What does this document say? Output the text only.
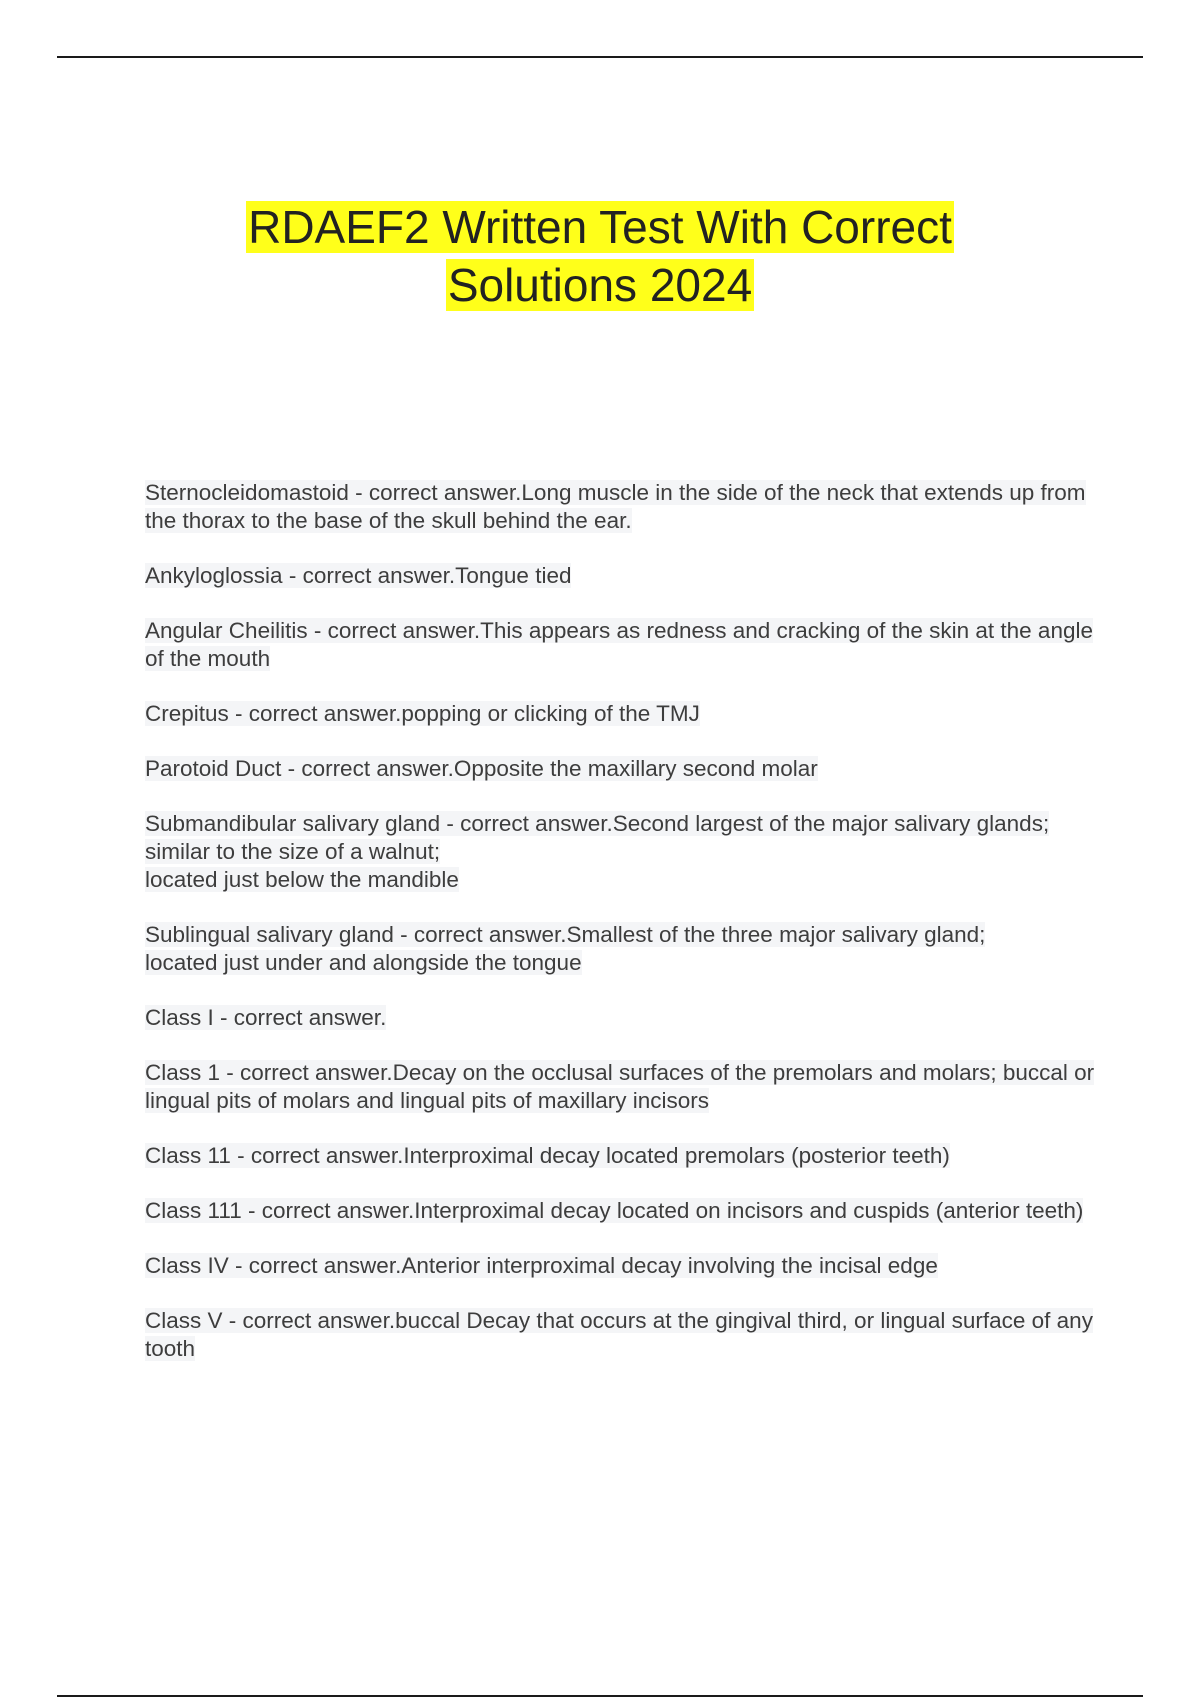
RDAEF2 Written Test With Correct
Solutions 2024
Sternocleidomastoid - correct answer.Long muscle in the side of the neck that extends up from the thorax to the base of the skull behind the ear.
Ankyloglossia - correct answer.Tongue tied
Angular Cheilitis - correct answer.This appears as redness and cracking of the skin at the angle of the mouth
Crepitus - correct answer.popping or clicking of the TMJ
Parotoid Duct - correct answer.Opposite the maxillary second molar
Submandibular salivary gland - correct answer.Second largest of the major salivary glands;
similar to the size of a walnut;
located just below the mandible
Sublingual salivary gland - correct answer.Smallest of the three major salivary gland;
located just under and alongside the tongue
Class I - correct answer.
Class 1 - correct answer.Decay on the occlusal surfaces of the premolars and molars; buccal or lingual pits of molars and lingual pits of maxillary incisors
Class 11 - correct answer.Interproximal decay located premolars (posterior teeth)
Class 111 - correct answer.Interproximal decay located on incisors and cuspids (anterior teeth)
Class IV - correct answer.Anterior interproximal decay involving the incisal edge
Class V - correct answer.buccal Decay that occurs at the gingival third, or lingual surface of any tooth
